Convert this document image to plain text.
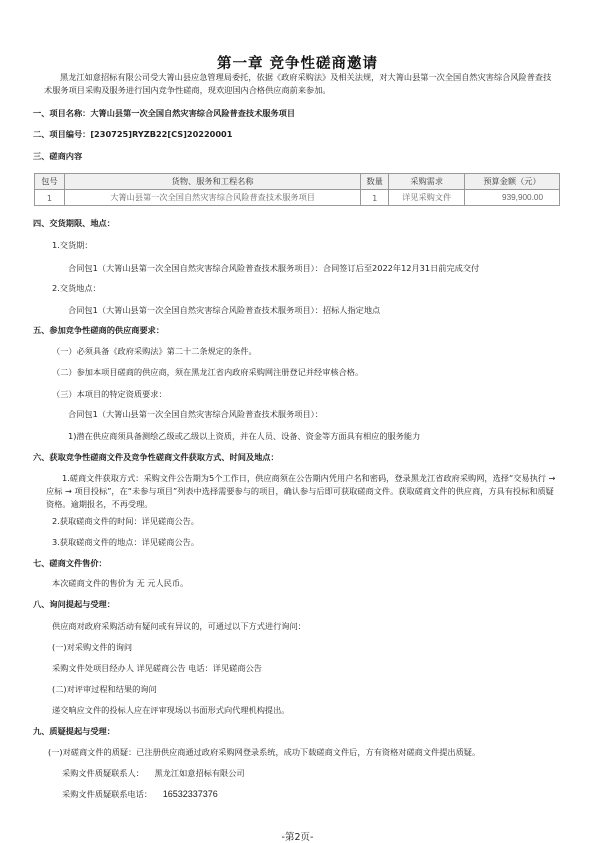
第一章 竞争性磋商邀请
黑龙江如意招标有限公司受大箐山县应急管理局委托，依据《政府采购法》及相关法规，对大箐山县第一次全国自然灾害综合风险普查技术服务项目采购及服务进行国内竞争性磋商，现欢迎国内合格供应商前来参加。
一、项目名称：大箐山县第一次全国自然灾害综合风险普查技术服务项目
二、项目编号：[230725]RYZB22[CS]20220001
三、磋商内容
包号	货物、服务和工程名称	数量	采购需求	预算金额（元）
1	大箐山县第一次全国自然灾害综合风险普查技术服务项目	1	详见采购文件	939,900.00
四、交货期限、地点：
1.交货期：
合同包1（大箐山县第一次全国自然灾害综合风险普查技术服务项目）：合同签订后至2022年12月31日前完成交付
2.交货地点：
合同包1（大箐山县第一次全国自然灾害综合风险普查技术服务项目）：招标人指定地点
五、参加竞争性磋商的供应商要求：
（一）必须具备《政府采购法》第二十二条规定的条件。
（二）参加本项目磋商的供应商，须在黑龙江省内政府采购网注册登记并经审核合格。
（三）本项目的特定资质要求：
合同包1（大箐山县第一次全国自然灾害综合风险普查技术服务项目）：
1)潜在供应商须具备测绘乙级或乙级以上资质，并在人员、设备、资金等方面具有相应的服务能力
六、获取竞争性磋商文件及竞争性磋商文件获取方式、时间及地点：
1.磋商文件获取方式：采购文件公告期为5个工作日，供应商须在公告期内凭用户名和密码，登录黑龙江省政府采购网，选择“交易执行 → 应标 → 项目投标”，在“未参与项目”列表中选择需要参与的项目，确认参与后即可获取磋商文件。获取磋商文件的供应商，方具有投标和质疑资格。逾期报名，不再受理。
2.获取磋商文件的时间：详见磋商公告。
3.获取磋商文件的地点：详见磋商公告。
七、磋商文件售价：
本次磋商文件的售价为 无 元人民币。
八、询问提起与受理：
供应商对政府采购活动有疑问或有异议的，可通过以下方式进行询问：
(一)对采购文件的询问
采购文件处项目经办人 详见磋商公告 电话：详见磋商公告
(二)对评审过程和结果的询问
递交响应文件的投标人应在评审现场以书面形式向代理机构提出。
九、质疑提起与受理：
(一)对磋商文件的质疑：已注册供应商通过政府采购网登录系统，成功下载磋商文件后，方有资格对磋商文件提出质疑。
采购文件质疑联系人： 黑龙江如意招标有限公司
采购文件质疑联系电话： 16532337376
-第2页-
